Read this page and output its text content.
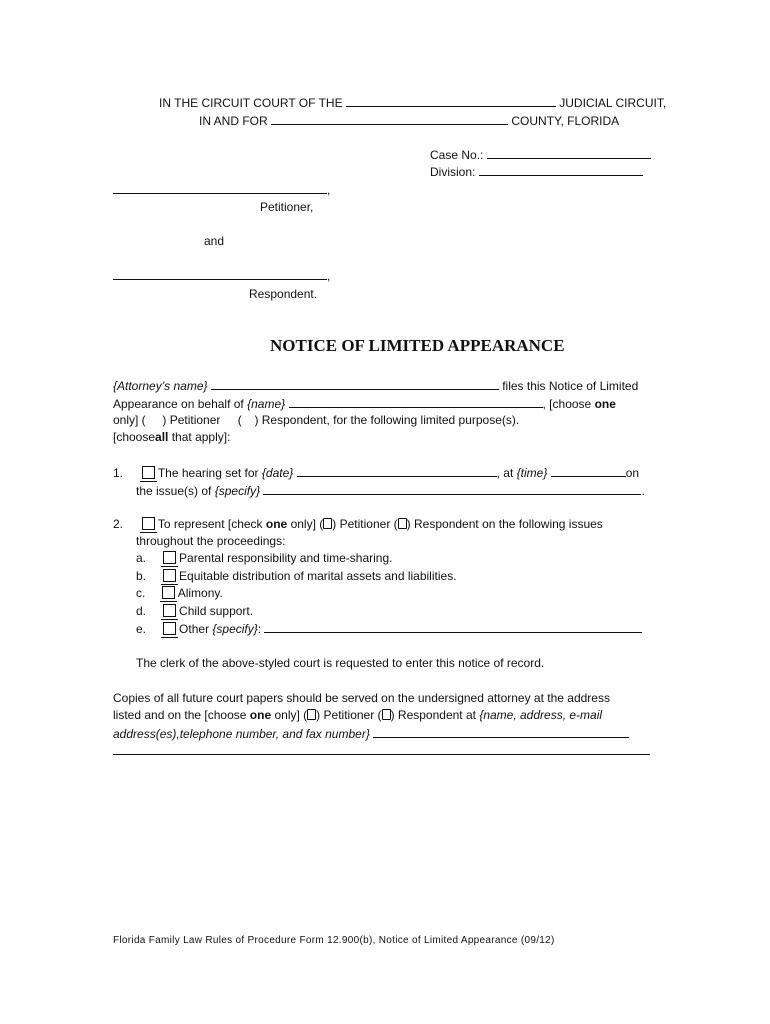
IN THE CIRCUIT COURT OF THE	JUDICIAL CIRCUIT,
IN AND FOR	COUNTY, FLORIDA
Case No.:
Division:
,
Petitioner,
and
,
Respondent.
NOTICE OF LIMITED APPEARANCE
{Attorney’s name}	files this Notice of Limited
Appearance on behalf of {name}	, [choose one
only] ( ) Petitioner (  ) Respondent, for the following limited purpose(s).
[chooseall that apply]:
1.	The hearing set for {date}	, at {time}	on
the issue(s) of {specify}	.
2.	To represent [check one only] ( ) Petitioner ( ) Respondent on the following issues
throughout the proceedings:
a.	Parental responsibility and time-sharing.
b.	Equitable distribution of marital assets and liabilities.
c.	Alimony.
d.	Child support.
e.	Other {specify}:
The clerk of the above-styled court is requested to enter this notice of record.
Copies of all future court papers should be served on the undersigned attorney at the address
listed and on the [choose one only] ( ) Petitioner ( ) Respondent at {name, address, e-mail
address(es),telephone number, and fax number}
Florida Family Law Rules of Procedure Form 12.900(b), Notice of Limited Appearance (09/12)
